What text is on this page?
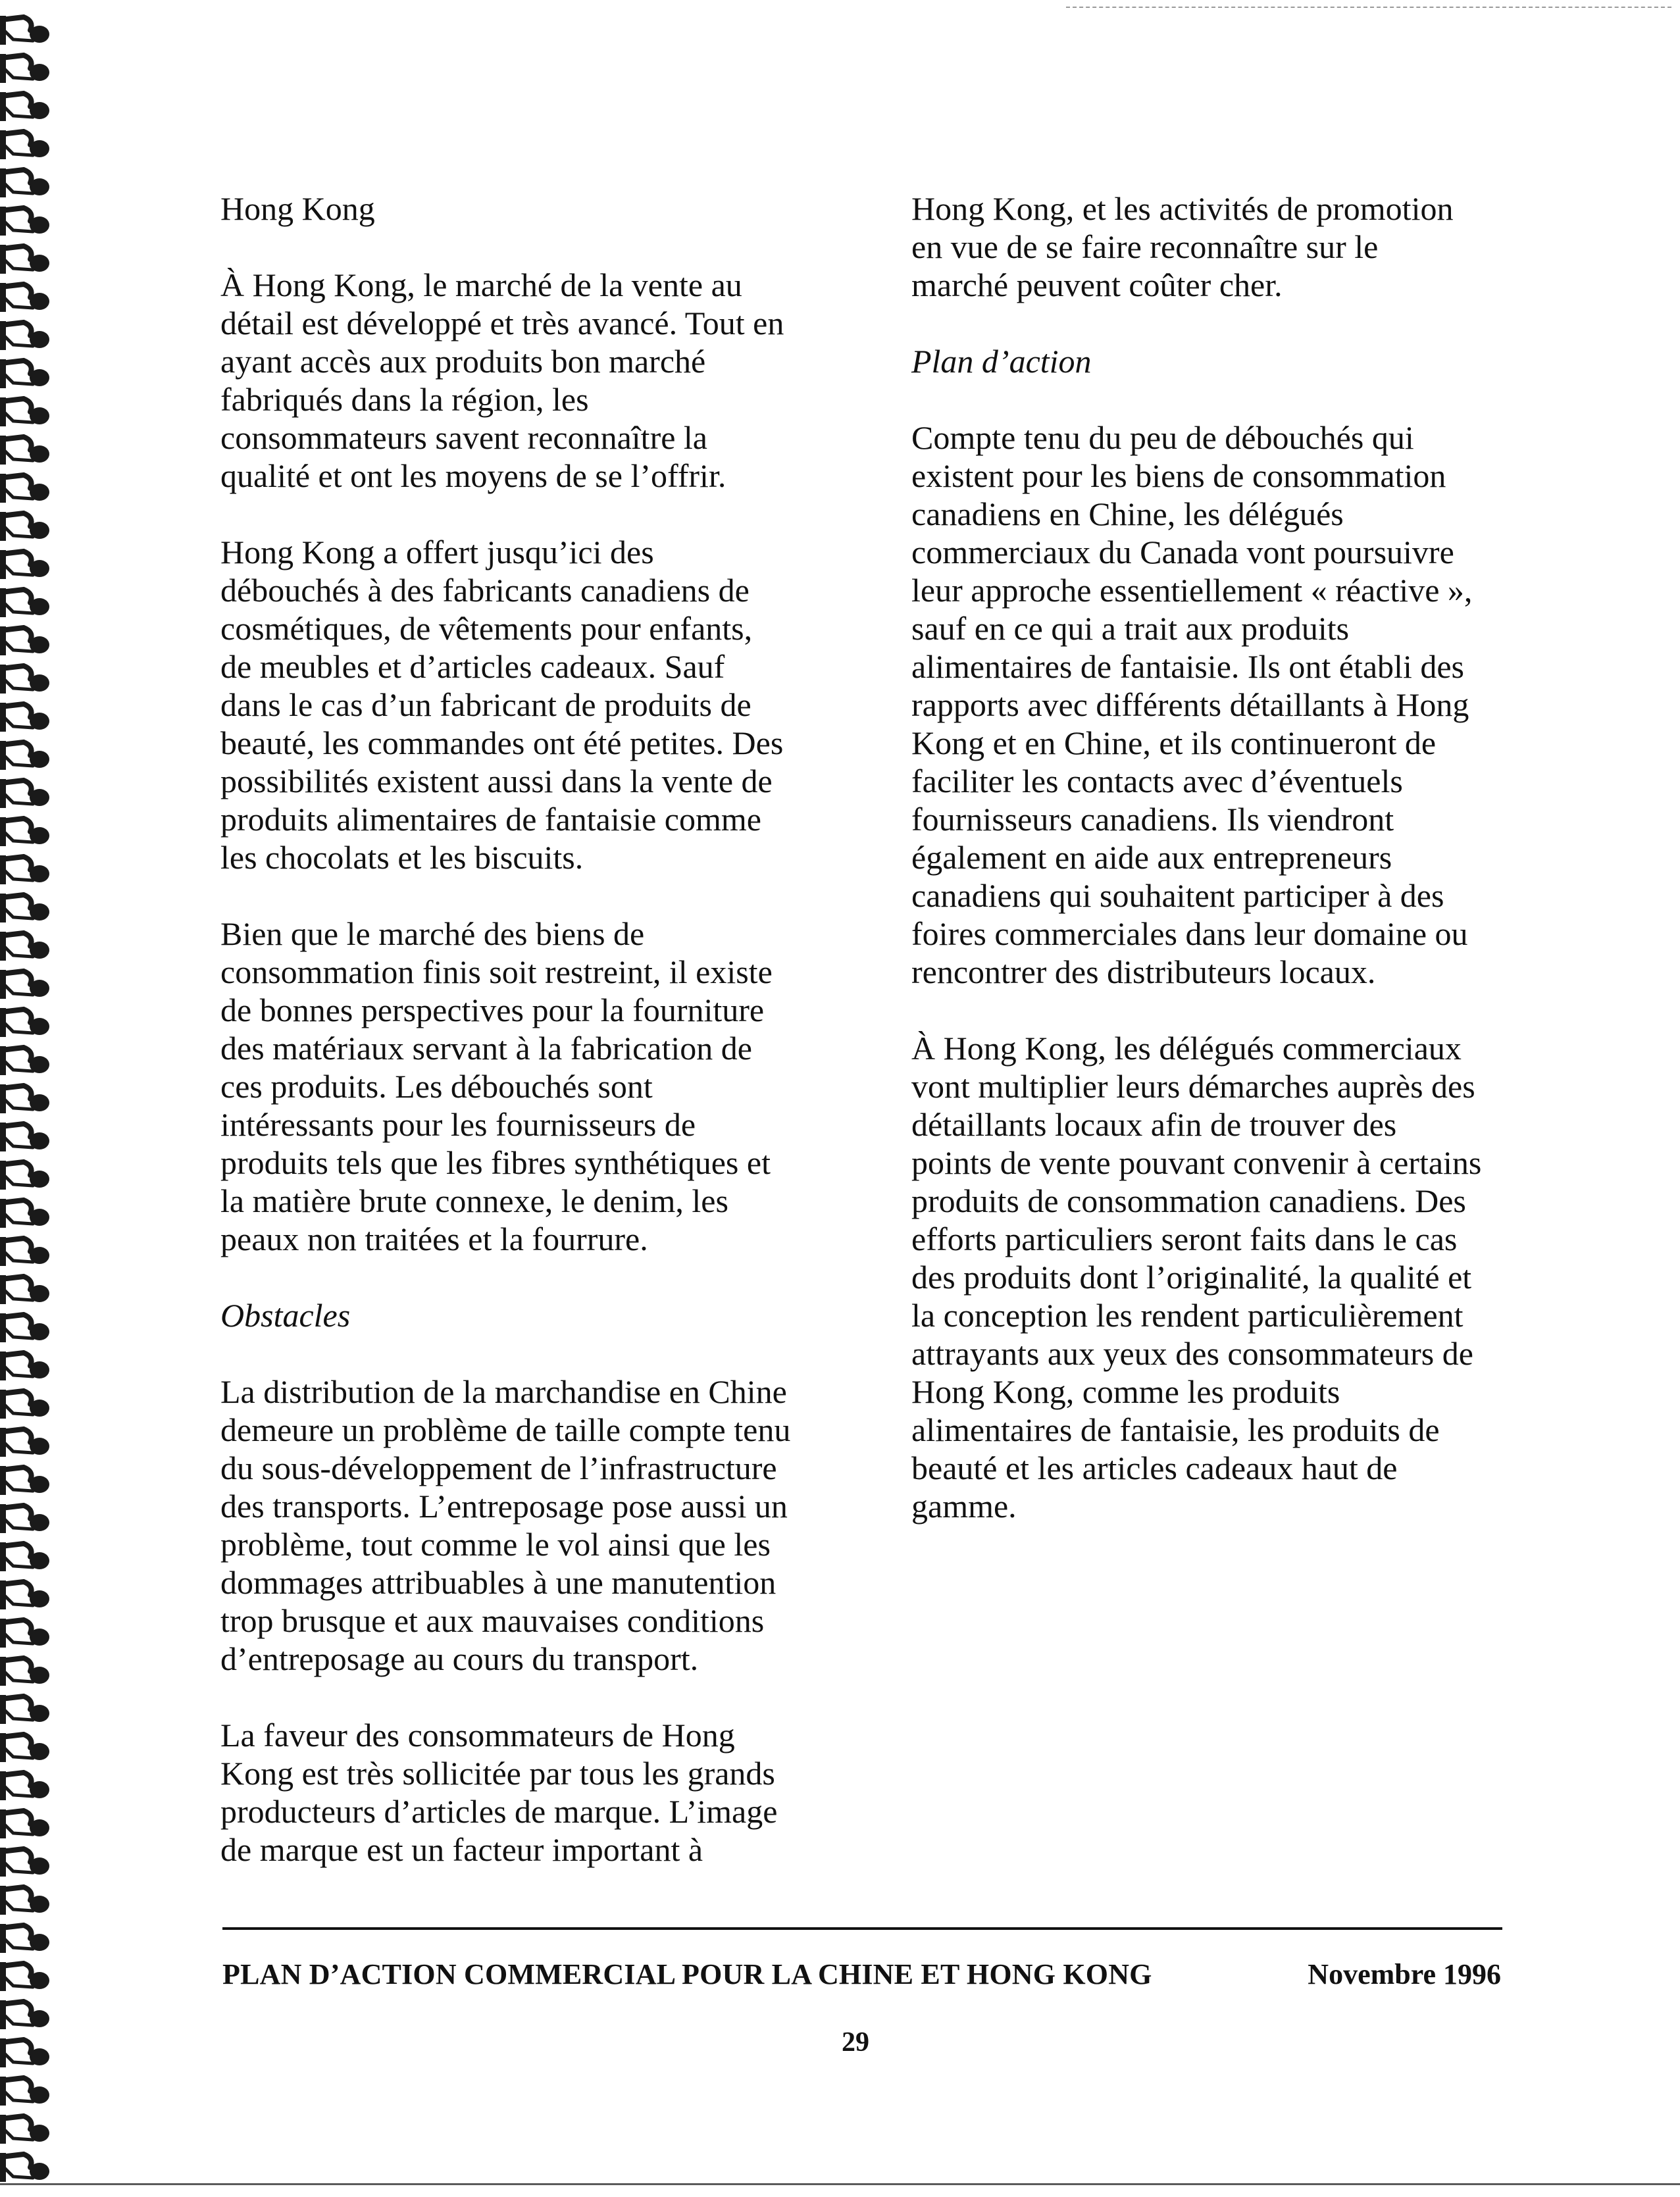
Hong Kong

À Hong Kong, le marché de la vente au
détail est développé et très avancé. Tout en
ayant accès aux produits bon marché
fabriqués dans la région, les
consommateurs savent reconnaître la
qualité et ont les moyens de se l’offrir.

Hong Kong a offert jusqu’ici des
débouchés à des fabricants canadiens de
cosmétiques, de vêtements pour enfants,
de meubles et d’articles cadeaux. Sauf
dans le cas d’un fabricant de produits de
beauté, les commandes ont été petites. Des
possibilités existent aussi dans la vente de
produits alimentaires de fantaisie comme
les chocolats et les biscuits.

Bien que le marché des biens de
consommation finis soit restreint, il existe
de bonnes perspectives pour la fourniture
des matériaux servant à la fabrication de
ces produits. Les débouchés sont
intéressants pour les fournisseurs de
produits tels que les fibres synthétiques et
la matière brute connexe, le denim, les
peaux non traitées et la fourrure.

Obstacles

La distribution de la marchandise en Chine
demeure un problème de taille compte tenu
du sous-développement de l’infrastructure
des transports. L’entreposage pose aussi un
problème, tout comme le vol ainsi que les
dommages attribuables à une manutention
trop brusque et aux mauvaises conditions
d’entreposage au cours du transport.

La faveur des consommateurs de Hong
Kong est très sollicitée par tous les grands
producteurs d’articles de marque. L’image
de marque est un facteur important à

Hong Kong, et les activités de promotion
en vue de se faire reconnaître sur le
marché peuvent coûter cher.

Plan d’action

Compte tenu du peu de débouchés qui
existent pour les biens de consommation
canadiens en Chine, les délégués
commerciaux du Canada vont poursuivre
leur approche essentiellement « réactive »,
sauf en ce qui a trait aux produits
alimentaires de fantaisie. Ils ont établi des
rapports avec différents détaillants à Hong
Kong et en Chine, et ils continueront de
faciliter les contacts avec d’éventuels
fournisseurs canadiens. Ils viendront
également en aide aux entrepreneurs
canadiens qui souhaitent participer à des
foires commerciales dans leur domaine ou
rencontrer des distributeurs locaux.

À Hong Kong, les délégués commerciaux
vont multiplier leurs démarches auprès des
détaillants locaux afin de trouver des
points de vente pouvant convenir à certains
produits de consommation canadiens. Des
efforts particuliers seront faits dans le cas
des produits dont l’originalité, la qualité et
la conception les rendent particulièrement
attrayants aux yeux des consommateurs de
Hong Kong, comme les produits
alimentaires de fantaisie, les produits de
beauté et les articles cadeaux haut de
gamme.

PLAN D’ACTION COMMERCIAL POUR LA CHINE ET HONG KONG	Novembre 1996
29
